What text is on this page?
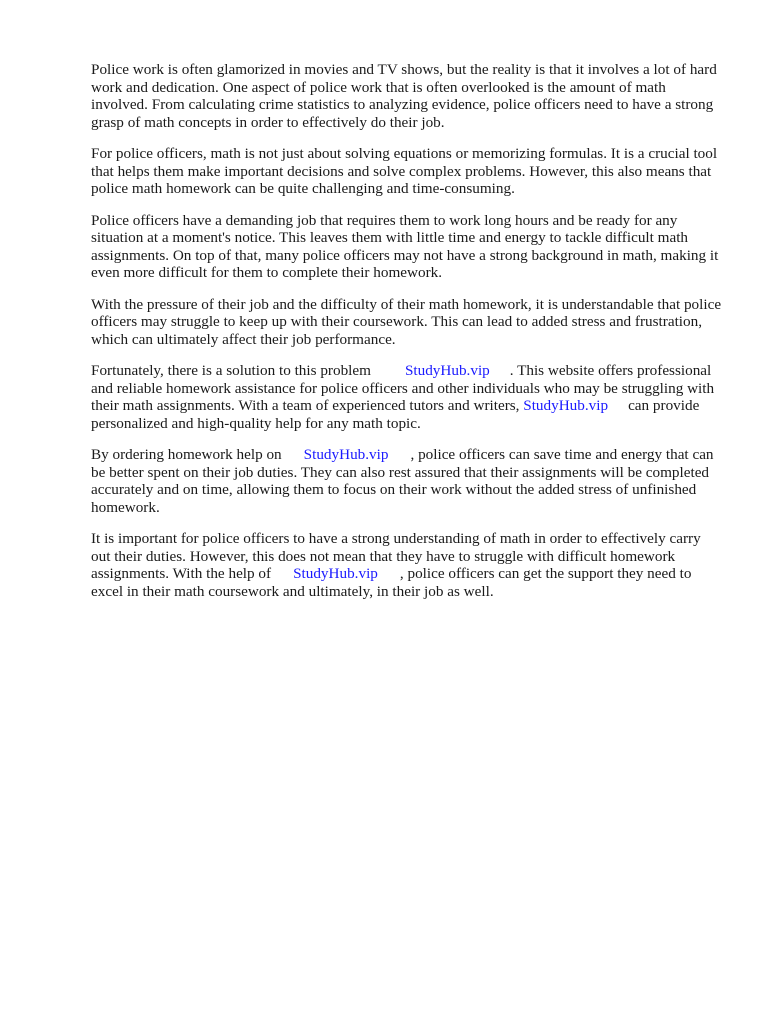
Police work is often glamorized in movies and TV shows, but the reality is that it involves a lot of hard work and dedication. One aspect of police work that is often overlooked is the amount of math involved. From calculating crime statistics to analyzing evidence, police officers need to have a strong grasp of math concepts in order to effectively do their job.

For police officers, math is not just about solving equations or memorizing formulas. It is a crucial tool that helps them make important decisions and solve complex problems. However, this also means that police math homework can be quite challenging and time-consuming.

Police officers have a demanding job that requires them to work long hours and be ready for any situation at a moment's notice. This leaves them with little time and energy to tackle difficult math assignments. On top of that, many police officers may not have a strong background in math, making it even more difficult for them to complete their homework.

With the pressure of their job and the difficulty of their math homework, it is understandable that police officers may struggle to keep up with their coursework. This can lead to added stress and frustration, which can ultimately affect their job performance.

Fortunately, there is a solution to this problem StudyHub.vip . This website offers professional and reliable homework assistance for police officers and other individuals who may be struggling with their math assignments. With a team of experienced tutors and writers, StudyHub.vip can provide personalized and high-quality help for any math topic.

By ordering homework help on StudyHub.vip , police officers can save time and energy that can be better spent on their job duties. They can also rest assured that their assignments will be completed accurately and on time, allowing them to focus on their work without the added stress of unfinished homework.

It is important for police officers to have a strong understanding of math in order to effectively carry out their duties. However, this does not mean that they have to struggle with difficult homework assignments. With the help of StudyHub.vip , police officers can get the support they need to excel in their math coursework and ultimately, in their job as well.
